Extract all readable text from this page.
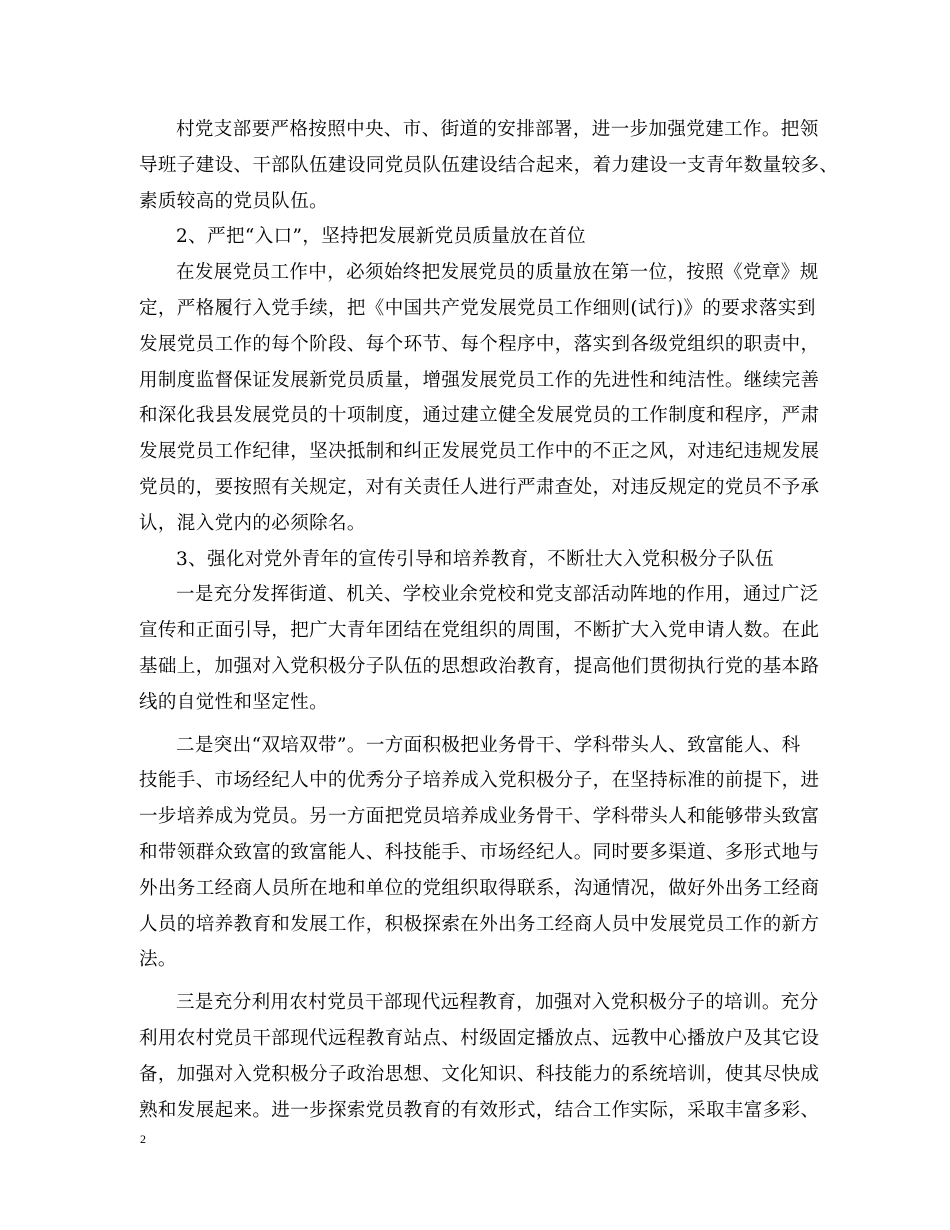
村党支部要严格按照中央、市、街道的安排部署，进一步加强党建工作。把领
导班子建设、干部队伍建设同党员队伍建设结合起来，着力建设一支青年数量较多、
素质较高的党员队伍。
2、严把“入口”，坚持把发展新党员质量放在首位
在发展党员工作中，必须始终把发展党员的质量放在第一位，按照《党章》规
定，严格履行入党手续，把《中国共产党发展党员工作细则(试行)》的要求落实到
发展党员工作的每个阶段、每个环节、每个程序中，落实到各级党组织的职责中，
用制度监督保证发展新党员质量，增强发展党员工作的先进性和纯洁性。继续完善
和深化我县发展党员的十项制度，通过建立健全发展党员的工作制度和程序，严肃
发展党员工作纪律，坚决抵制和纠正发展党员工作中的不正之风，对违纪违规发展
党员的，要按照有关规定，对有关责任人进行严肃查处，对违反规定的党员不予承
认，混入党内的必须除名。
3、强化对党外青年的宣传引导和培养教育，不断壮大入党积极分子队伍
一是充分发挥街道、机关、学校业余党校和党支部活动阵地的作用，通过广泛
宣传和正面引导，把广大青年团结在党组织的周围，不断扩大入党申请人数。在此
基础上，加强对入党积极分子队伍的思想政治教育，提高他们贯彻执行党的基本路
线的自觉性和坚定性。
二是突出“双培双带”。一方面积极把业务骨干、学科带头人、致富能人、科
技能手、市场经纪人中的优秀分子培养成入党积极分子，在坚持标准的前提下，进
一步培养成为党员。另一方面把党员培养成业务骨干、学科带头人和能够带头致富
和带领群众致富的致富能人、科技能手、市场经纪人。同时要多渠道、多形式地与
外出务工经商人员所在地和单位的党组织取得联系，沟通情况，做好外出务工经商
人员的培养教育和发展工作，积极探索在外出务工经商人员中发展党员工作的新方
法。
三是充分利用农村党员干部现代远程教育，加强对入党积极分子的培训。充分
利用农村党员干部现代远程教育站点、村级固定播放点、远教中心播放户及其它设
备，加强对入党积极分子政治思想、文化知识、科技能力的系统培训，使其尽快成
熟和发展起来。进一步探索党员教育的有效形式，结合工作实际，采取丰富多彩、
2
